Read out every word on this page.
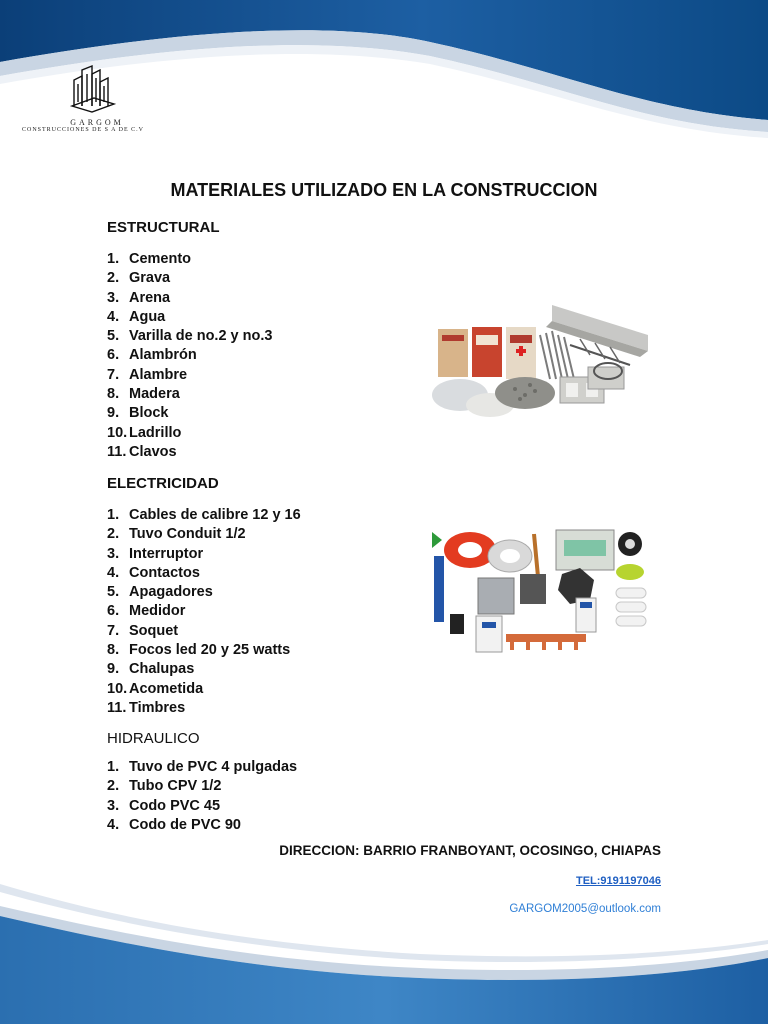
GARGOM
CONSTRUCCIONES DE S A DE C.V
MATERIALES UTILIZADO EN LA CONSTRUCCION
ESTRUCTURAL
1. Cemento
2. Grava
3. Arena
4. Agua
5. Varilla de no.2 y no.3
6. Alambrón
7. Alambre
8. Madera
9. Block
10. Ladrillo
11. Clavos
ELECTRICIDAD
1. Cables de calibre 12 y 16
2. Tuvo Conduit 1/2
3. Interruptor
4. Contactos
5. Apagadores
6. Medidor
7. Soquet
8. Focos led 20 y 25 watts
9. Chalupas
10. Acometida
11. Timbres
HIDRAULICO
1. Tuvo de PVC 4 pulgadas
2. Tubo CPV 1/2
3. Codo PVC 45
4. Codo de PVC 90
DIRECCION: BARRIO FRANBOYANT, OCOSINGO, CHIAPAS
TEL:9191197046
GARGOM2005@outlook.com
